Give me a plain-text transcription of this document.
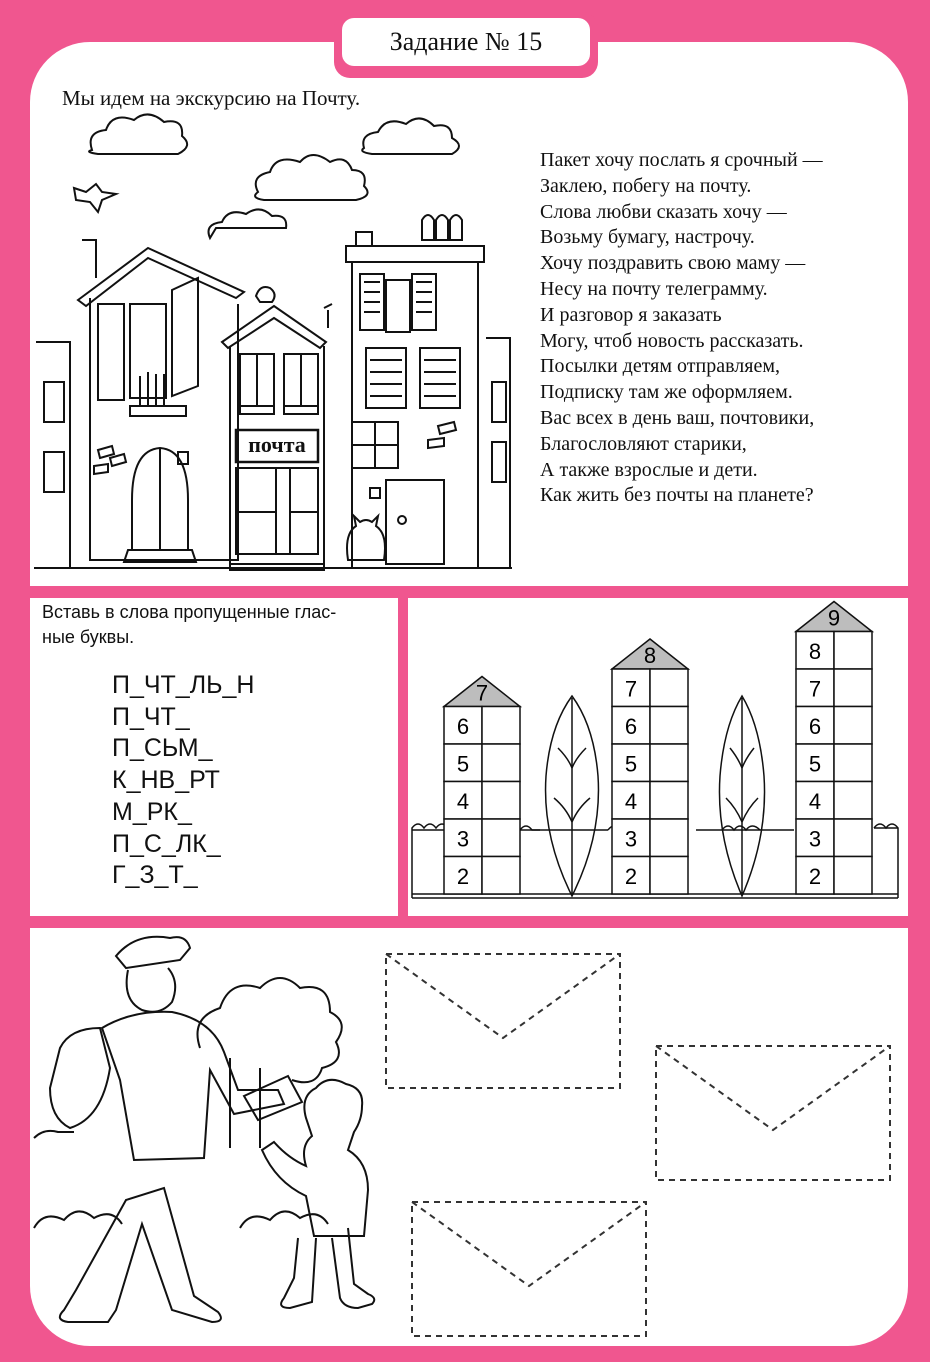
Мы идем на экскурсию на Почту.
почта
Пакет хочу послать я срочный —
Заклею, побегу на почту.
Слова любви сказать хочу —
Возьму бумагу, настрочу.
Хочу поздравить свою маму —
Несу на почту телеграмму.
И разговор я заказать
Могу, чтоб новость рассказать.
Посылки детям отправляем,
Подписку там же оформляем.
Вас всех в день ваш, почтовики,
Благословляют старики,
А также взрослые и дети.
Как жить без почты на планете?
Задание № 15
Вставь в слова пропущенные глас-
ные буквы.
П_ЧТ_ЛЬ_Н
П_ЧТ_
П_СЬМ_
К_НВ_РТ
М_РК_
П_С_ЛК_
Г_З_Т_
7
6
5
4
3
2
8
7
6
5
4
3
2
9
8
7
6
5
4
3
2
